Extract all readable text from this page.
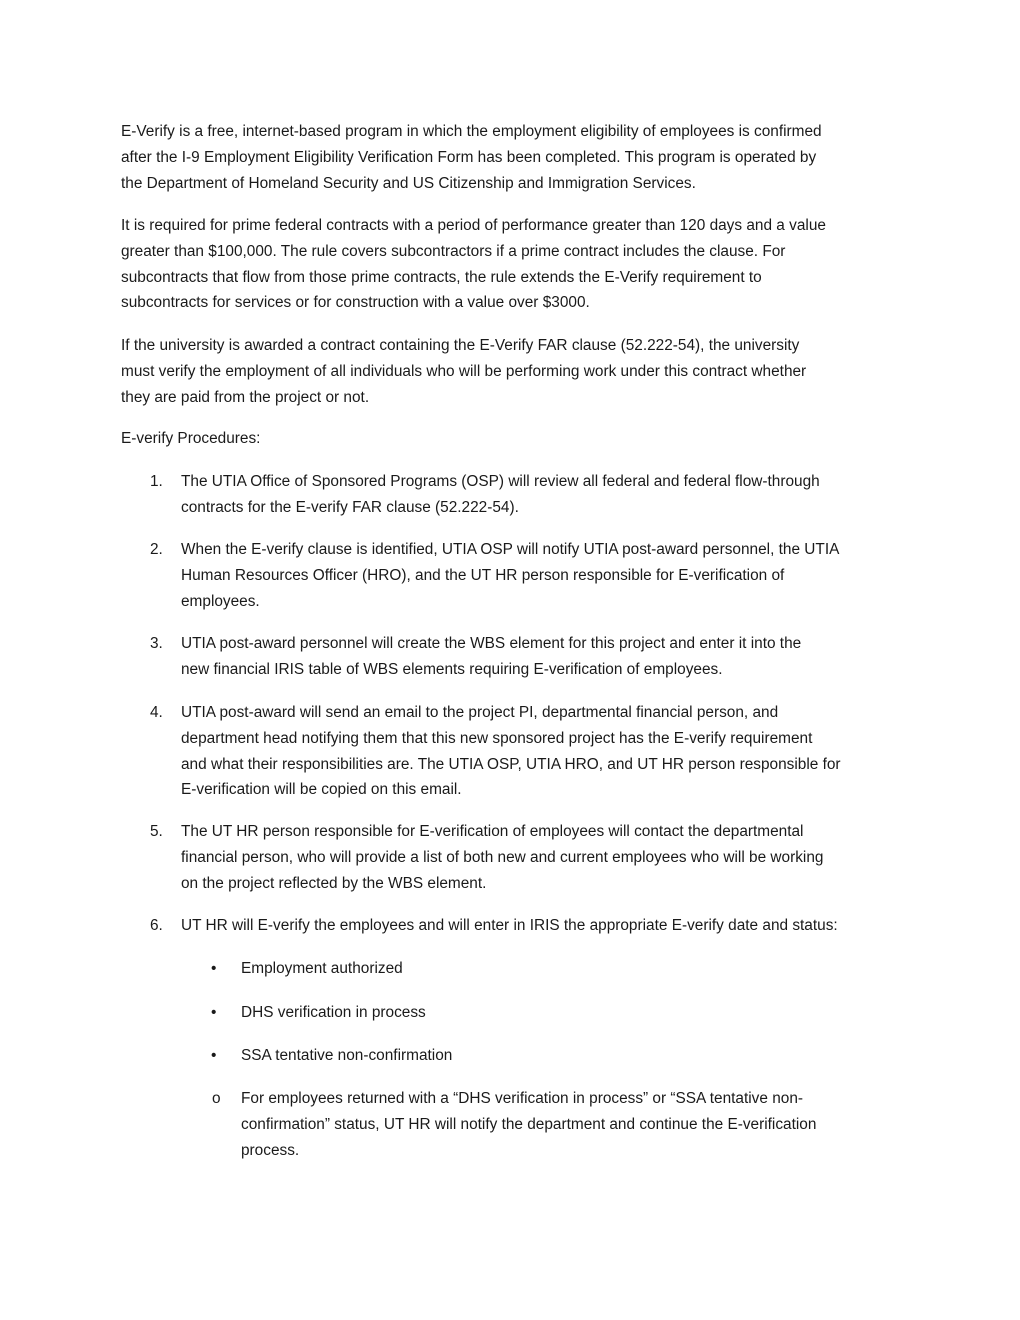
E-Verify is a free, internet-based program in which the employment eligibility of employees is confirmed
after the I-9 Employment Eligibility Verification Form has been completed. This program is operated by
the Department of Homeland Security and US Citizenship and Immigration Services.
It is required for prime federal contracts with a period of performance greater than 120 days and a value
greater than $100,000. The rule covers subcontractors if a prime contract includes the clause. For
subcontracts that flow from those prime contracts, the rule extends the E-Verify requirement to
subcontracts for services or for construction with a value over $3000.
If the university is awarded a contract containing the E-Verify FAR clause (52.222-54), the university
must verify the employment of all individuals who will be performing work under this contract whether
they are paid from the project or not.
E-verify Procedures:
1. The UTIA Office of Sponsored Programs (OSP) will review all federal and federal flow-through
contracts for the E-verify FAR clause (52.222-54).
2. When the E-verify clause is identified, UTIA OSP will notify UTIA post-award personnel, the UTIA
Human Resources Officer (HRO), and the UT HR person responsible for E-verification of
employees.
3. UTIA post-award personnel will create the WBS element for this project and enter it into the
new financial IRIS table of WBS elements requiring E-verification of employees.
4. UTIA post-award will send an email to the project PI, departmental financial person, and
department head notifying them that this new sponsored project has the E-verify requirement
and what their responsibilities are. The UTIA OSP, UTIA HRO, and UT HR person responsible for
E-verification will be copied on this email.
5. The UT HR person responsible for E-verification of employees will contact the departmental
financial person, who will provide a list of both new and current employees who will be working
on the project reflected by the WBS element.
6. UT HR will E-verify the employees and will enter in IRIS the appropriate E-verify date and status:
• Employment authorized
• DHS verification in process
• SSA tentative non-confirmation
o For employees returned with a “DHS verification in process” or “SSA tentative non-
confirmation” status, UT HR will notify the department and continue the E-verification
process.
